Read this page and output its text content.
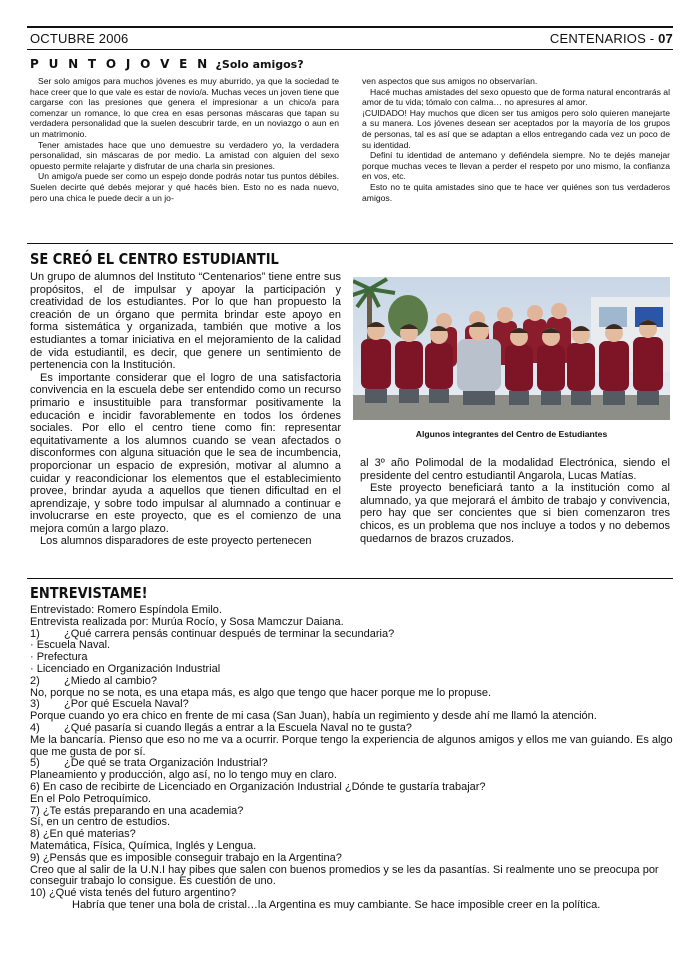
OCTUBRE 2006	CENTENARIOS - 07
P U N T O J O V E N ¿Solo amigos?

Ser solo amigos para muchos jóvenes es muy aburrido, ya que la sociedad te hace creer que lo que vale es estar de novio/a. Muchas veces un joven tiene que cargarse con las presiones que genera el impresionar a un chico/a para comenzar un romance, lo que crea en esas personas máscaras que tapan su verdadera personalidad que la suelen descubrir tarde, en un noviazgo o aun en un matrimonio.

Tener amistades hace que uno demuestre su verdadero yo, la verdadera personalidad, sin máscaras de por medio. La amistad con alguien del sexo opuesto permite relajarte y disfrutar de una charla sin presiones.

Un amigo/a puede ser como un espejo donde podrás notar tus puntos débiles. Suelen decirte qué debés mejorar y qué hacés bien. Esto no es nada nuevo, pero una chica le puede decir a un jo-

ven aspectos que sus amigos no observarían.

Hacé muchas amistades del sexo opuesto que de forma natural encontrarás al amor de tu vida; tómalo con calma… no apresures al amor.

¡CUIDADO! Hay muchos que dicen ser tus amigos pero solo quieren manejarte a su manera. Los jóvenes desean ser aceptados por la mayoría de los grupos de personas, tal es así que se adaptan a ellos entregando cada vez un poco de su identidad.

Definí tu identidad de antemano y defiéndela siempre. No te dejés manejar porque muchas veces te llevan a perder el respeto por uno mismo, la confianza en vos, etc.

Esto no te quita amistades sino que te hace ver quiénes son tus verdaderos amigos.

SE CREÓ EL CENTRO ESTUDIANTIL

Un grupo de alumnos del Instituto “Centenarios” tiene entre sus propósitos, el de impulsar y apoyar la participación y creatividad de los estudiantes. Por lo que han propuesto la creación de un órgano que permita brindar este apoyo en forma sistemática y organizada, también que motive a los estudiantes a tomar iniciativa en el mejoramiento de la calidad de vida estudiantil, es decir, que genere un sentimiento de pertenencia con la Institución.

Es importante considerar que el logro de una satisfactoria convivencia en la escuela debe ser entendido como un recurso primario e insustituible para transformar positivamente la educación e incidir favorablemente en todos los órdenes sociales. Por ello el centro tiene como fin: representar equitativamente a los alumnos cuando se vean afectados o disconformes con alguna situación que le sea de incumbencia, proporcionar un espacio de expresión, motivar al alumno a cuidar y reacondicionar los elementos que el establecimiento provee, brindar ayuda a aquellos que tienen dificultad en el aprendizaje, y sobre todo impulsar al alumnado a continuar e involucrarse en este proyecto, que es el comienzo de una mejora común a largo plazo.

Los alumnos disparadores de este proyecto pertenecen

Algunos integrantes del Centro de Estudiantes

al 3º año Polimodal de la modalidad Electrónica, siendo el presidente del centro estudiantil Angarola, Lucas Matías.

Este proyecto beneficiará tanto a la institución como al alumnado, ya que mejorará el ámbito de trabajo y convivencia, pero hay que ser concientes que si bien comenzaron tres chicos, es un problema que nos incluye a todos y no debemos quedarnos de brazos cruzados.

ENTREVISTAME!
Entrevistado: Romero Espíndola Emilo.
Entrevista realizada por: Murúa Rocío, y Sosa Mamczur Daiana.
1) ¿Qué carrera pensás continuar después de terminar la secundaria?
· Escuela Naval.
· Prefectura
· Licenciado en Organización Industrial
2) ¿Miedo al cambio?
No, porque no se nota, es una etapa más, es algo que tengo que hacer porque me lo propuse.
3) ¿Por qué Escuela Naval?
Porque cuando yo era chico en frente de mi casa (San Juan), había un regimiento y desde ahí me llamó la atención.
4) ¿Qué pasaría si cuando llegás a entrar a la Escuela Naval no te gusta?
Me la bancaría. Pienso que eso no me va a ocurrir. Porque tengo la experiencia de algunos amigos y ellos me van guiando. Es algo que me gusta de por sí.
5) ¿De qué se trata Organización Industrial?
Planeamiento y producción, algo así, no lo tengo muy en claro.
6) En caso de recibirte de Licenciado en Organización Industrial ¿Dónde te gustaría trabajar?
En el Polo Petroquímico.
7) ¿Te estás preparando en una academia?
Sí, en un centro de estudios.
8) ¿En qué materias?
Matemática, Física, Química, Inglés y Lengua.
9) ¿Pensás que es imposible conseguir trabajo en la Argentina?
Creo que al salir de la U.N.I hay pibes que salen con buenos promedios y se les da pasantías. Si realmente uno se preocupa por conseguir trabajo lo consigue. Es cuestión de uno.
10) ¿Qué vista tenés del futuro argentino?
Habría que tener una bola de cristal…la Argentina es muy cambiante. Se hace imposible creer en la política.
